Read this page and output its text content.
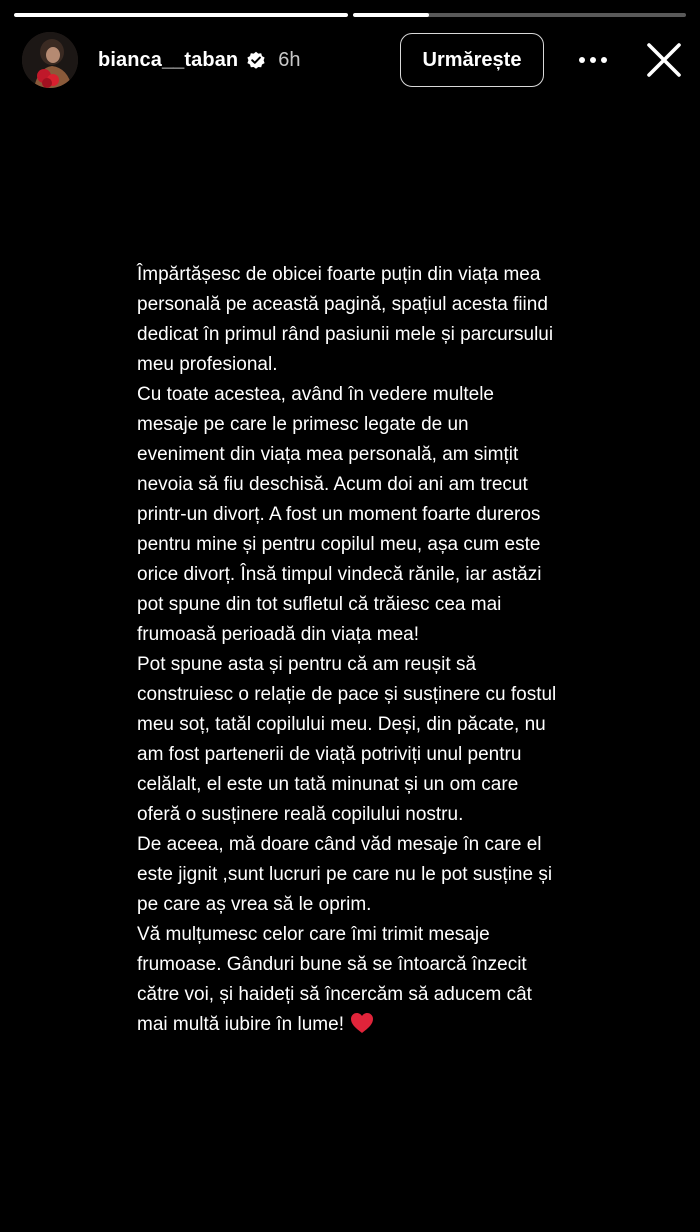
bianca__taban 6h	Urmărește
Împărtășesc de obicei foarte puțin din viața mea
personală pe această pagină, spațiul acesta fiind
dedicat în primul rând pasiunii mele și parcursului
meu profesional.
Cu toate acestea, având în vedere multele
mesaje pe care le primesc legate de un
eveniment din viața mea personală, am simțit
nevoia să fiu deschisă. Acum doi ani am trecut
printr-un divorț. A fost un moment foarte dureros
pentru mine și pentru copilul meu, așa cum este
orice divorț. Însă timpul vindecă rănile, iar astăzi
pot spune din tot sufletul că trăiesc cea mai
frumoasă perioadă din viața mea!
Pot spune asta și pentru că am reușit să
construiesc o relație de pace și susținere cu fostul
meu soț, tatăl copilului meu. Deși, din păcate, nu
am fost partenerii de viață potriviți unul pentru
celălalt, el este un tată minunat și un om care
oferă o susținere reală copilului nostru.
De aceea, mă doare când văd mesaje în care el
este jignit ,sunt lucruri pe care nu le pot susține și
pe care aș vrea să le oprim.
Vă mulțumesc celor care îmi trimit mesaje
frumoase. Gânduri bune să se întoarcă înzecit
către voi, și haideți să încercăm să aducem cât
mai multă iubire în lume!
